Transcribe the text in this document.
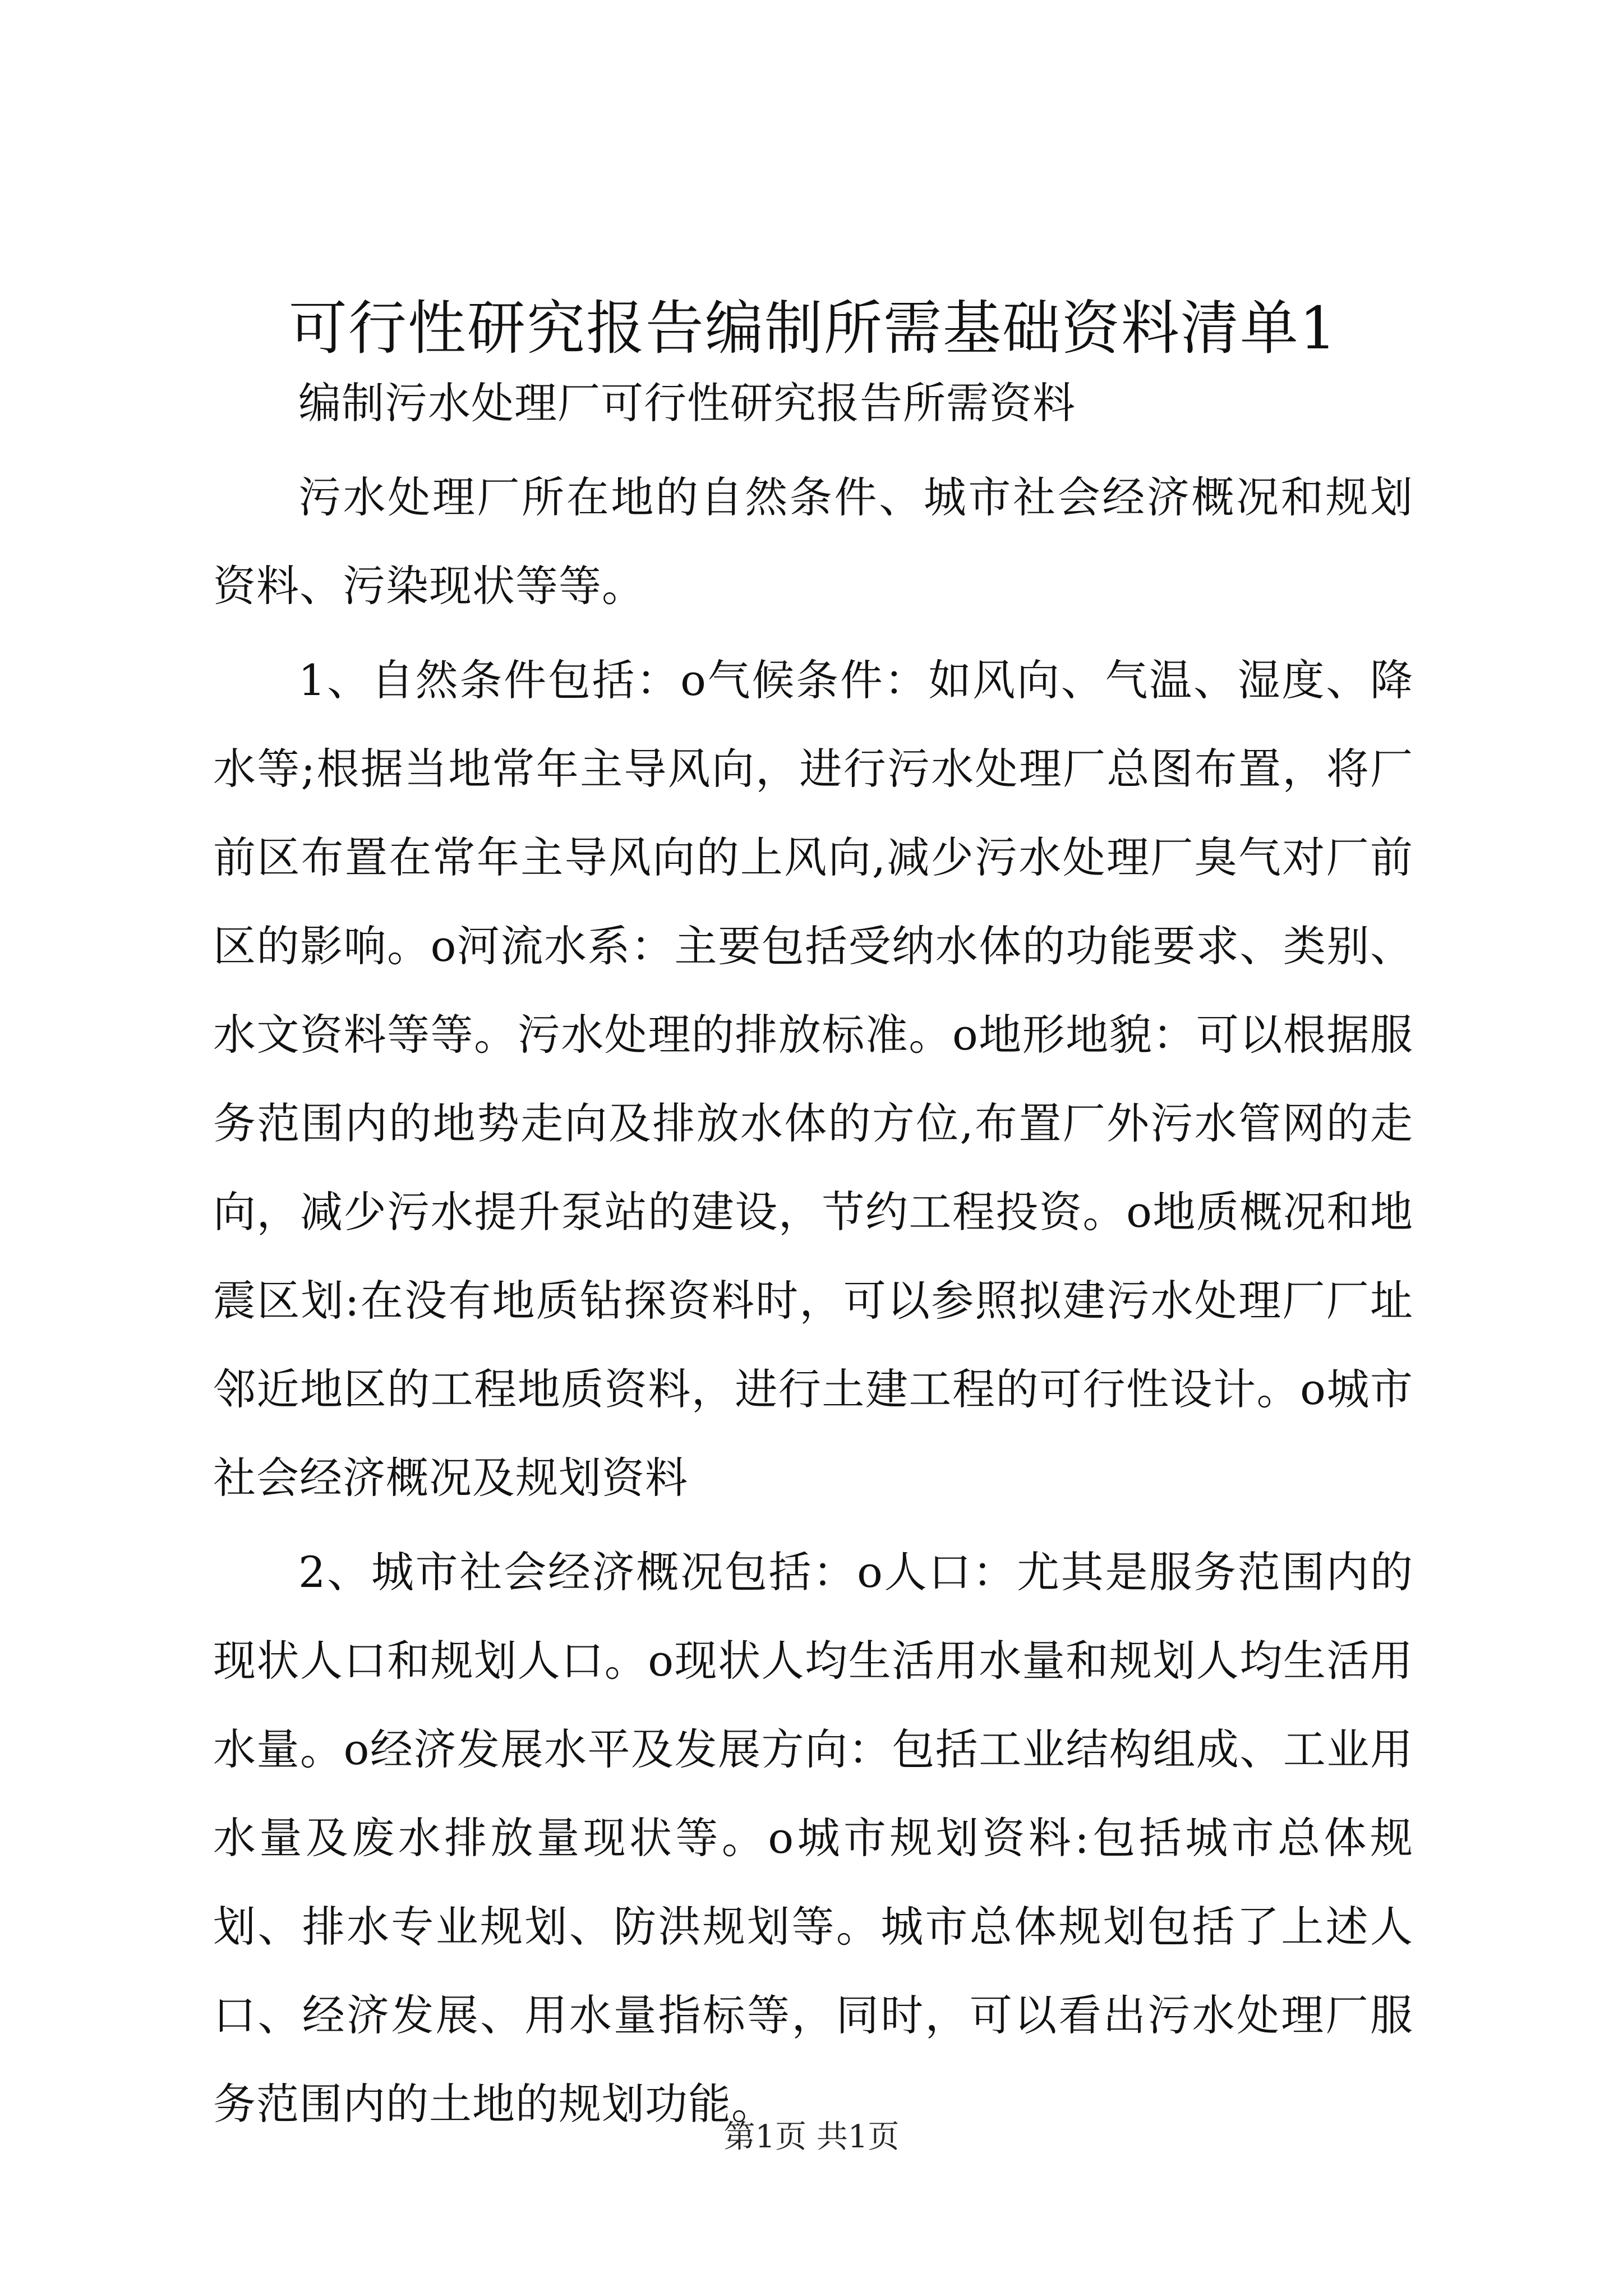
可行性研究报告编制所需基础资料清单1

编制污水处理厂可行性研究报告所需资料

污水处理厂所在地的自然条件、城市社会经济概况和规划资料、污染现状等等。

1、自然条件包括：o气候条件：如风向、气温、湿度、降水等;根据当地常年主导风向，进行污水处理厂总图布置，将厂前区布置在常年主导风向的上风向,减少污水处理厂臭气对厂前区的影响。o河流水系：主要包括受纳水体的功能要求、类别、水文资料等等。污水处理的排放标准。o地形地貌：可以根据服务范围内的地势走向及排放水体的方位,布置厂外污水管网的走向，减少污水提升泵站的建设，节约工程投资。o地质概况和地震区划:在没有地质钻探资料时，可以参照拟建污水处理厂厂址邻近地区的工程地质资料，进行土建工程的可行性设计。o城市社会经济概况及规划资料

2、城市社会经济概况包括：o人口：尤其是服务范围内的现状人口和规划人口。o现状人均生活用水量和规划人均生活用水量。o经济发展水平及发展方向：包括工业结构组成、工业用水量及废水排放量现状等。o城市规划资料:包括城市总体规划、排水专业规划、防洪规划等。城市总体规划包括了上述人口、经济发展、用水量指标等，同时，可以看出污水处理厂服务范围内的土地的规划功能。

第1页 共1页
